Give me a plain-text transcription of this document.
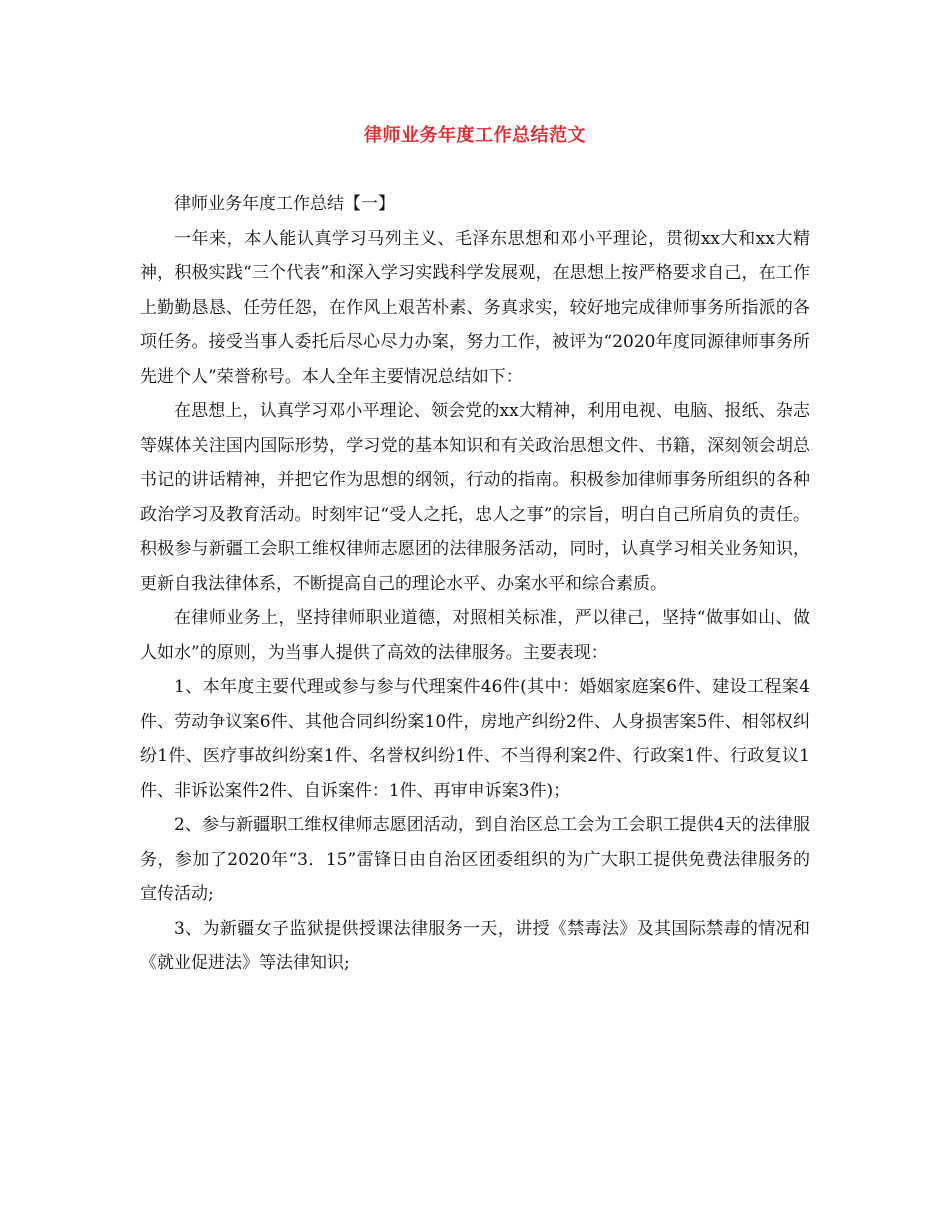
律师业务年度工作总结范文

律师业务年度工作总结【一】

一年来，本人能认真学习马列主义、毛泽东思想和邓小平理论，贯彻xx大和xx大精神，积极实践“三个代表”和深入学习实践科学发展观，在思想上按严格要求自己，在工作上勤勤恳恳、任劳任怨，在作风上艰苦朴素、务真求实，较好地完成律师事务所指派的各项任务。接受当事人委托后尽心尽力办案，努力工作，被评为“2020年度同源律师事务所先进个人”荣誉称号。本人全年主要情况总结如下：

在思想上，认真学习邓小平理论、领会党的xx大精神，利用电视、电脑、报纸、杂志等媒体关注国内国际形势，学习党的基本知识和有关政治思想文件、书籍，深刻领会胡总书记的讲话精神，并把它作为思想的纲领，行动的指南。积极参加律师事务所组织的各种政治学习及教育活动。时刻牢记“受人之托，忠人之事”的宗旨，明白自己所肩负的责任。积极参与新疆工会职工维权律师志愿团的法律服务活动，同时，认真学习相关业务知识，更新自我法律体系，不断提高自己的理论水平、办案水平和综合素质。

在律师业务上，坚持律师职业道德，对照相关标准，严以律己，坚持“做事如山、做人如水”的原则，为当事人提供了高效的法律服务。主要表现：

1、本年度主要代理或参与参与代理案件46件(其中：婚姻家庭案6件、建设工程案4件、劳动争议案6件、其他合同纠纷案10件，房地产纠纷2件、人身损害案5件、相邻权纠纷1件、医疗事故纠纷案1件、名誉权纠纷1件、不当得利案2件、行政案1件、行政复议1件、非诉讼案件2件、自诉案件：1件、再审申诉案3件)；

2、参与新疆职工维权律师志愿团活动，到自治区总工会为工会职工提供4天的法律服务，参加了2020年“3．15”雷锋日由自治区团委组织的为广大职工提供免费法律服务的宣传活动;

3、为新疆女子监狱提供授课法律服务一天，讲授《禁毒法》及其国际禁毒的情况和《就业促进法》等法律知识;
